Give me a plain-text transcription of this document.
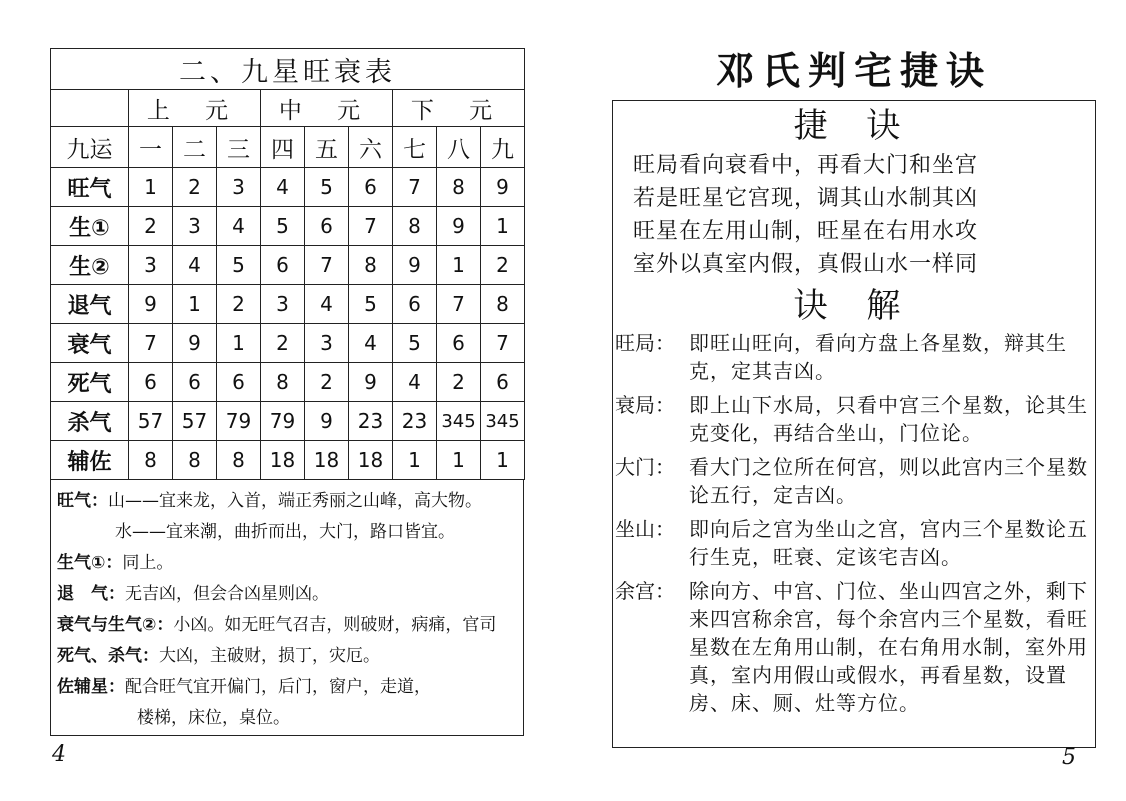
二、九星旺衰表									
	上 元			中 元			下 元		
九运	一	二	三	四	五	六	七	八	九
旺气	1	2	3	4	5	6	7	8	9
生①	2	3	4	5	6	7	8	9	1
生②	3	4	5	6	7	8	9	1	2
退气	9	1	2	3	4	5	6	7	8
衰气	7	9	1	2	3	4	5	6	7
死气	6	6	6	8	2	9	4	2	6
杀气	57	57	79	79	9	23	23	345	345
辅佐	8	8	8	18	18	18	1	1	1
旺气：山——宜来龙，入首，端正秀丽之山峰，高大物。
水——宜来潮，曲折而出，大门，路口皆宜。
生气①：同上。
退　气：无吉凶，但会合凶星则凶。
衰气与生气②：小凶。如无旺气召吉，则破财，病痛，官司
死气、杀气：大凶，主破财，损丁，灾厄。
佐辅星：配合旺气宜开偏门，后门，窗户，走道，
楼梯，床位，桌位。
4
邓氏判宅捷诀
捷 诀
旺局看向衰看中，再看大门和坐宫
若是旺星它宫现，调其山水制其凶
旺星在左用山制，旺星在右用水攻
室外以真室内假，真假山水一样同
诀 解
旺局： 即旺山旺向，看向方盘上各星数，辩其生克，定其吉凶。
衰局： 即上山下水局，只看中宫三个星数，论其生克变化，再结合坐山，门位论。
大门： 看大门之位所在何宫，则以此宫内三个星数论五行，定吉凶。
坐山： 即向后之宫为坐山之宫，宫内三个星数论五行生克，旺衰、定该宅吉凶。
余宫： 除向方、中宫、门位、坐山四宫之外，剩下来四宫称余宫，每个余宫内三个星数，看旺星数在左角用山制，在右角用水制，室外用真，室内用假山或假水，再看星数，设置房、床、厕、灶等方位。
5
